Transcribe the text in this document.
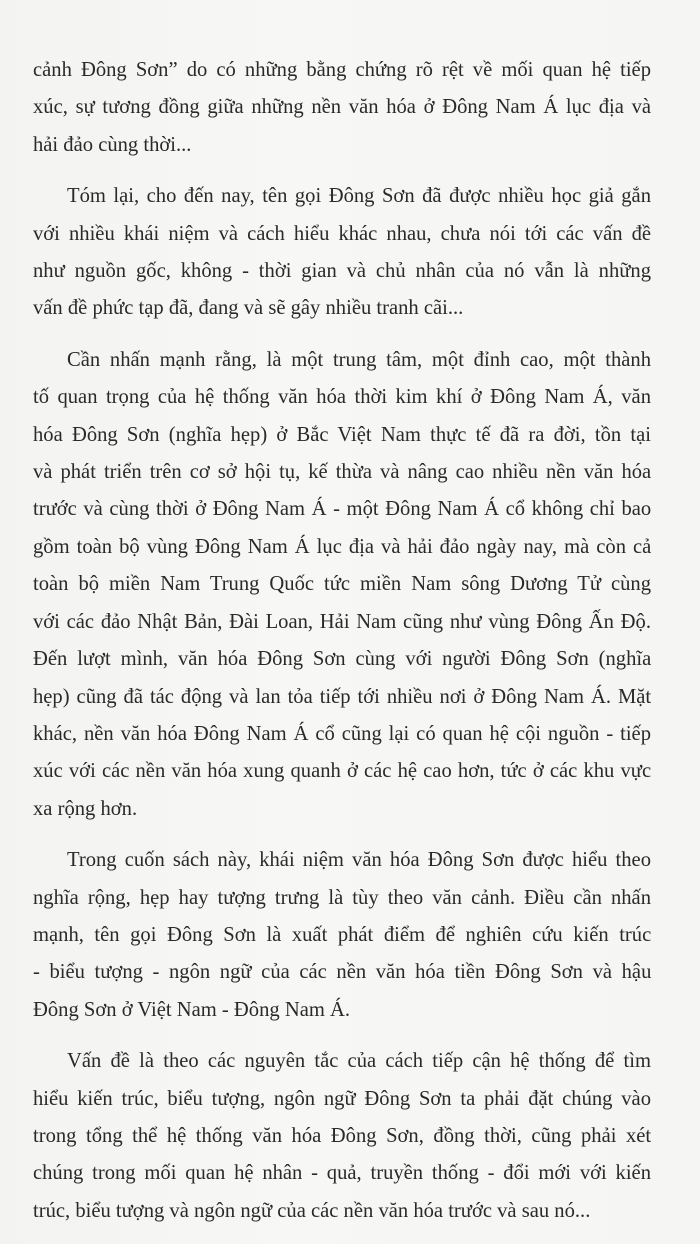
cảnh Đông Sơn” do có những bằng chứng rõ rệt về mối quan hệ tiếp
xúc, sự tương đồng giữa những nền văn hóa ở Đông Nam Á lục địa và
hải đảo cùng thời...

Tóm lại, cho đến nay, tên gọi Đông Sơn đã được nhiều học giả gắn
với nhiều khái niệm và cách hiểu khác nhau, chưa nói tới các vấn đề
như nguồn gốc, không - thời gian và chủ nhân của nó vẫn là những
vấn đề phức tạp đã, đang và sẽ gây nhiều tranh cãi...

Cần nhấn mạnh rằng, là một trung tâm, một đỉnh cao, một thành
tố quan trọng của hệ thống văn hóa thời kim khí ở Đông Nam Á, văn
hóa Đông Sơn (nghĩa hẹp) ở Bắc Việt Nam thực tế đã ra đời, tồn tại
và phát triển trên cơ sở hội tụ, kế thừa và nâng cao nhiều nền văn hóa
trước và cùng thời ở Đông Nam Á - một Đông Nam Á cổ không chỉ bao
gồm toàn bộ vùng Đông Nam Á lục địa và hải đảo ngày nay, mà còn cả
toàn bộ miền Nam Trung Quốc tức miền Nam sông Dương Tử cùng
với các đảo Nhật Bản, Đài Loan, Hải Nam cũng như vùng Đông Ấn Độ.
Đến lượt mình, văn hóa Đông Sơn cùng với người Đông Sơn (nghĩa
hẹp) cũng đã tác động và lan tỏa tiếp tới nhiều nơi ở Đông Nam Á. Mặt
khác, nền văn hóa Đông Nam Á cổ cũng lại có quan hệ cội nguồn - tiếp
xúc với các nền văn hóa xung quanh ở các hệ cao hơn, tức ở các khu vực
xa rộng hơn.

Trong cuốn sách này, khái niệm văn hóa Đông Sơn được hiểu theo
nghĩa rộng, hẹp hay tượng trưng là tùy theo văn cảnh. Điều cần nhấn
mạnh, tên gọi Đông Sơn là xuất phát điểm để nghiên cứu kiến trúc
- biểu tượng - ngôn ngữ của các nền văn hóa tiền Đông Sơn và hậu
Đông Sơn ở Việt Nam - Đông Nam Á.

Vấn đề là theo các nguyên tắc của cách tiếp cận hệ thống để tìm
hiểu kiến trúc, biểu tượng, ngôn ngữ Đông Sơn ta phải đặt chúng vào
trong tổng thể hệ thống văn hóa Đông Sơn, đồng thời, cũng phải xét
chúng trong mối quan hệ nhân - quả, truyền thống - đổi mới với kiến
trúc, biểu tượng và ngôn ngữ của các nền văn hóa trước và sau nó...
